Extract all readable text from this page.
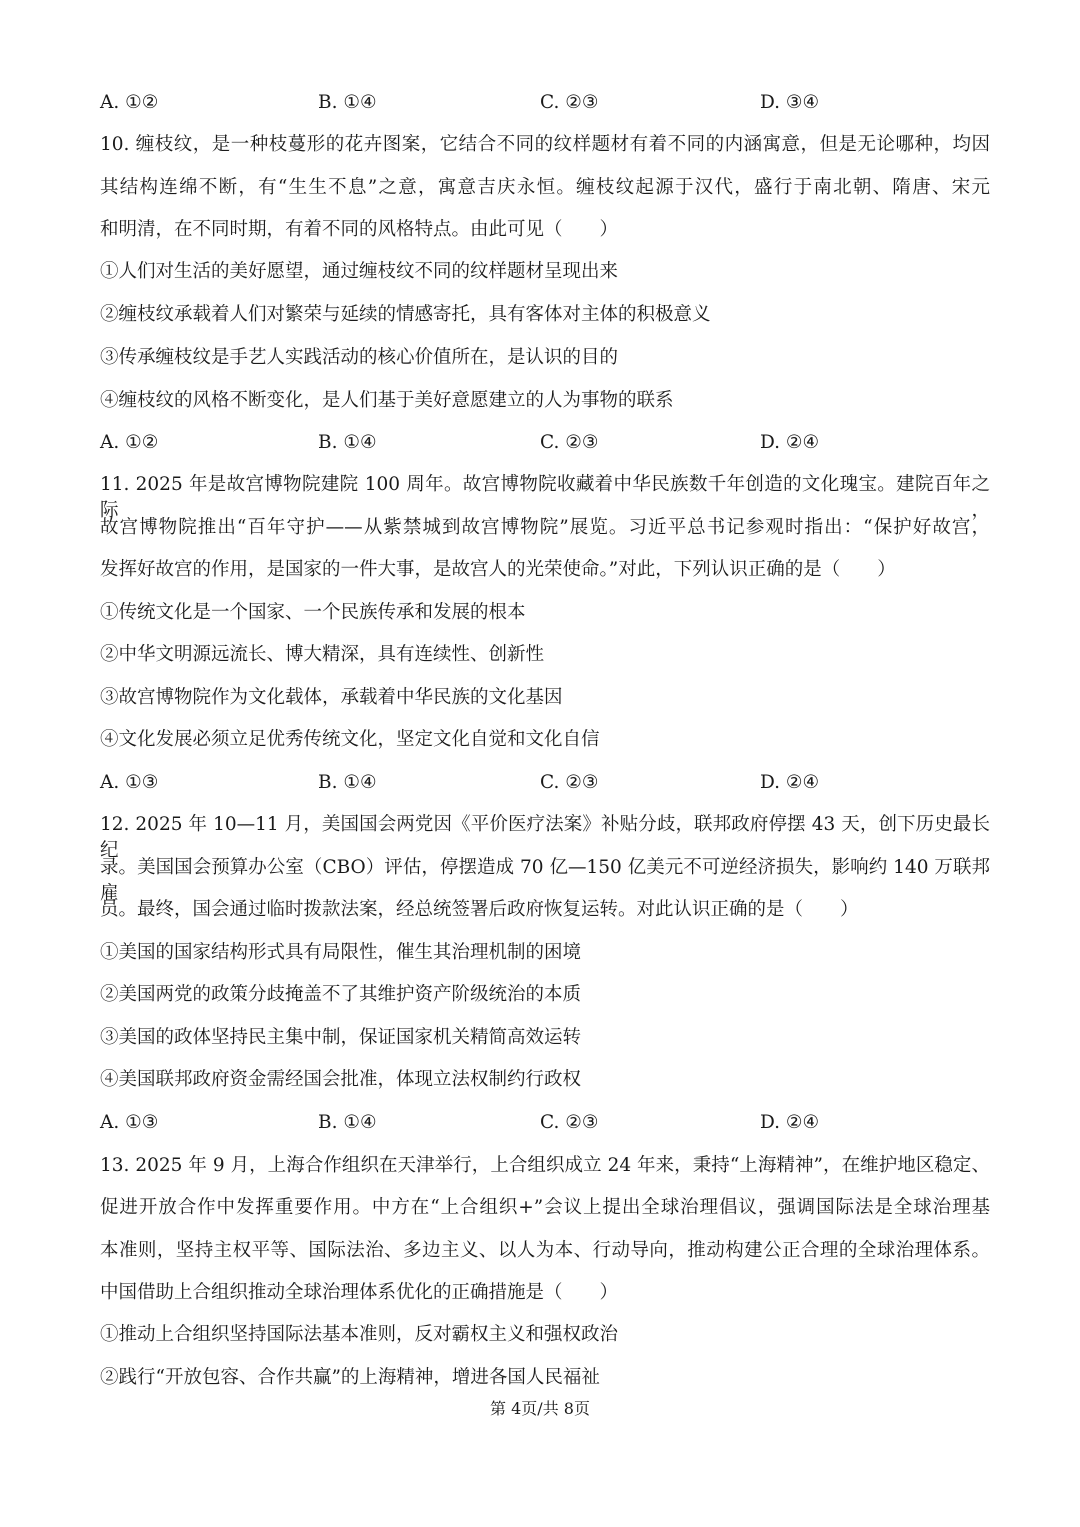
A. ①②	B. ①④	C. ②③	D. ③④
10. 缠枝纹，是一种枝蔓形的花卉图案，它结合不同的纹样题材有着不同的内涵寓意，但是无论哪种，均因
其结构连绵不断，有“生生不息”之意，寓意吉庆永恒。缠枝纹起源于汉代，盛行于南北朝、隋唐、宋元
和明清，在不同时期，有着不同的风格特点。由此可见（　　）
①人们对生活的美好愿望，通过缠枝纹不同的纹样题材呈现出来
②缠枝纹承载着人们对繁荣与延续的情感寄托，具有客体对主体的积极意义
③传承缠枝纹是手艺人实践活动的核心价值所在，是认识的目的
④缠枝纹的风格不断变化，是人们基于美好意愿建立的人为事物的联系
A. ①②	B. ①④	C. ②③	D. ②④
11. 2025 年是故宫博物院建院 100 周年。故宫博物院收藏着中华民族数千年创造的文化瑰宝。建院百年之际，
故宫博物院推出“百年守护——从紫禁城到故宫博物院”展览。习近平总书记参观时指出：“保护好故宫，
发挥好故宫的作用，是国家的一件大事，是故宫人的光荣使命。”对此，下列认识正确的是（　　）
①传统文化是一个国家、一个民族传承和发展的根本
②中华文明源远流长、博大精深，具有连续性、创新性
③故宫博物院作为文化载体，承载着中华民族的文化基因
④文化发展必须立足优秀传统文化，坚定文化自觉和文化自信
A. ①③	B. ①④	C. ②③	D. ②④
12. 2025 年 10—11 月，美国国会两党因《平价医疗法案》补贴分歧，联邦政府停摆 43 天，创下历史最长纪
录。美国国会预算办公室（CBO）评估，停摆造成 70 亿—150 亿美元不可逆经济损失，影响约 140 万联邦雇
员。最终，国会通过临时拨款法案，经总统签署后政府恢复运转。对此认识正确的是（　　）
①美国的国家结构形式具有局限性，催生其治理机制的困境
②美国两党的政策分歧掩盖不了其维护资产阶级统治的本质
③美国的政体坚持民主集中制，保证国家机关精简高效运转
④美国联邦政府资金需经国会批准，体现立法权制约行政权
A. ①③	B. ①④	C. ②③	D. ②④
13. 2025 年 9 月，上海合作组织在天津举行，上合组织成立 24 年来，秉持“上海精神”，在维护地区稳定、
促进开放合作中发挥重要作用。中方在“上合组织+”会议上提出全球治理倡议，强调国际法是全球治理基
本准则，坚持主权平等、国际法治、多边主义、以人为本、行动导向，推动构建公正合理的全球治理体系。
中国借助上合组织推动全球治理体系优化的正确措施是（　　）
①推动上合组织坚持国际法基本准则，反对霸权主义和强权政治
②践行“开放包容、合作共赢”的上海精神，增进各国人民福祉
第 4页/共 8页
